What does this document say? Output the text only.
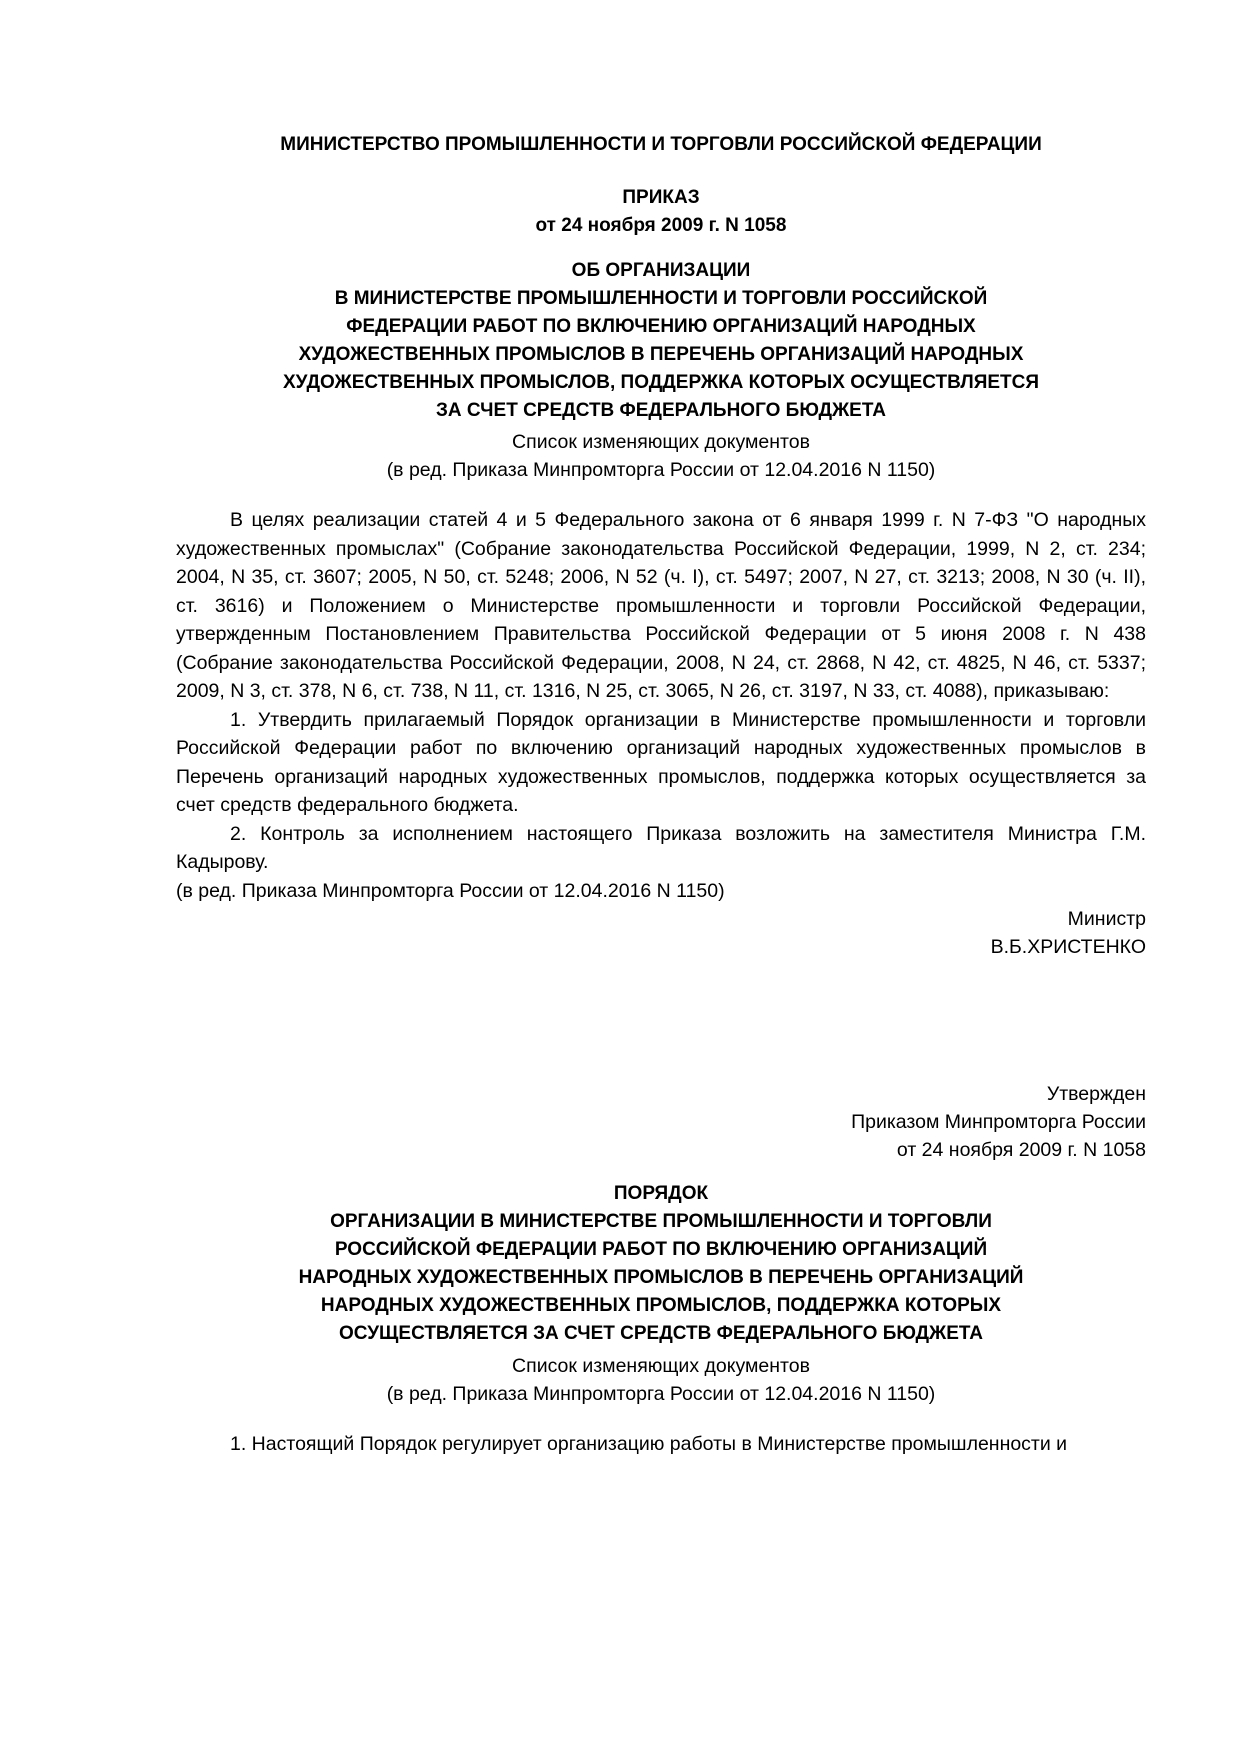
МИНИСТЕРСТВО ПРОМЫШЛЕННОСТИ И ТОРГОВЛИ РОССИЙСКОЙ ФЕДЕРАЦИИ

ПРИКАЗ

от 24 ноября 2009 г. N 1058

ОБ ОРГАНИЗАЦИИ

В МИНИСТЕРСТВЕ ПРОМЫШЛЕННОСТИ И ТОРГОВЛИ РОССИЙСКОЙ

ФЕДЕРАЦИИ РАБОТ ПО ВКЛЮЧЕНИЮ ОРГАНИЗАЦИЙ НАРОДНЫХ

ХУДОЖЕСТВЕННЫХ ПРОМЫСЛОВ В ПЕРЕЧЕНЬ ОРГАНИЗАЦИЙ НАРОДНЫХ

ХУДОЖЕСТВЕННЫХ ПРОМЫСЛОВ, ПОДДЕРЖКА КОТОРЫХ ОСУЩЕСТВЛЯЕТСЯ

ЗА СЧЕТ СРЕДСТВ ФЕДЕРАЛЬНОГО БЮДЖЕТА

Список изменяющих документов

(в ред. Приказа Минпромторга России от 12.04.2016 N 1150)

В целях реализации статей 4 и 5 Федерального закона от 6 января 1999 г. N 7-ФЗ "О народных художественных промыслах" (Собрание законодательства Российской Федерации, 1999, N 2, ст. 234; 2004, N 35, ст. 3607; 2005, N 50, ст. 5248; 2006, N 52 (ч. I), ст. 5497; 2007, N 27, ст. 3213; 2008, N 30 (ч. II), ст. 3616) и Положением о Министерстве промышленности и торговли Российской Федерации, утвержденным Постановлением Правительства Российской Федерации от 5 июня 2008 г. N 438 (Собрание законодательства Российской Федерации, 2008, N 24, ст. 2868, N 42, ст. 4825, N 46, ст. 5337; 2009, N 3, ст. 378, N 6, ст. 738, N 11, ст. 1316, N 25, ст. 3065, N 26, ст. 3197, N 33, ст. 4088), приказываю:

1. Утвердить прилагаемый Порядок организации в Министерстве промышленности и торговли Российской Федерации работ по включению организаций народных художественных промыслов в Перечень организаций народных художественных промыслов, поддержка которых осуществляется за счет средств федерального бюджета.

2. Контроль за исполнением настоящего Приказа возложить на заместителя Министра Г.М. Кадырову.

(в ред. Приказа Минпромторга России от 12.04.2016 N 1150)

Министр

В.Б.ХРИСТЕНКО

Утвержден

Приказом Минпромторга России

от 24 ноября 2009 г. N 1058

ПОРЯДОК

ОРГАНИЗАЦИИ В МИНИСТЕРСТВЕ ПРОМЫШЛЕННОСТИ И ТОРГОВЛИ

РОССИЙСКОЙ ФЕДЕРАЦИИ РАБОТ ПО ВКЛЮЧЕНИЮ ОРГАНИЗАЦИЙ

НАРОДНЫХ ХУДОЖЕСТВЕННЫХ ПРОМЫСЛОВ В ПЕРЕЧЕНЬ ОРГАНИЗАЦИЙ

НАРОДНЫХ ХУДОЖЕСТВЕННЫХ ПРОМЫСЛОВ, ПОДДЕРЖКА КОТОРЫХ

ОСУЩЕСТВЛЯЕТСЯ ЗА СЧЕТ СРЕДСТВ ФЕДЕРАЛЬНОГО БЮДЖЕТА

Список изменяющих документов

(в ред. Приказа Минпромторга России от 12.04.2016 N 1150)

1. Настоящий Порядок регулирует организацию работы в Министерстве промышленности и
